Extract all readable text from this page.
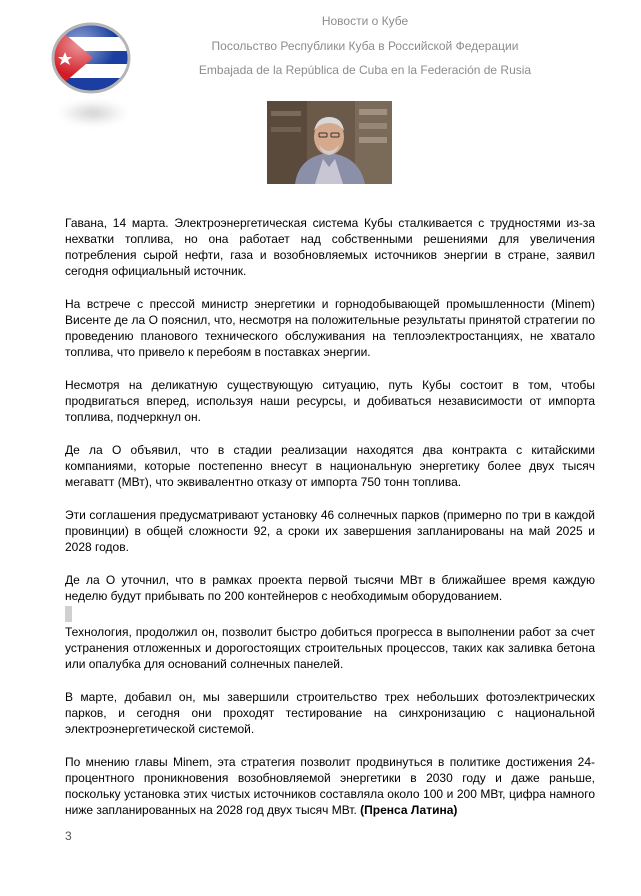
Новости о Кубе
Посольство Республики Куба в Российской Федерации
Embajada de la República de Cuba en la Federación de Rusia

Гавана, 14 марта. Электроэнергетическая система Кубы сталкивается с трудностями из-за нехватки топлива, но она работает над собственными решениями для увеличения потребления сырой нефти, газа и возобновляемых источников энергии в стране, заявил сегодня официальный источник.

На встрече с прессой министр энергетики и горнодобывающей промышленности (Minem) Висенте де ла О пояснил, что, несмотря на положительные результаты принятой стратегии по проведению планового технического обслуживания на теплоэлектростанциях, не хватало топлива, что привело к перебоям в поставках энергии.

Несмотря на деликатную существующую ситуацию, путь Кубы состоит в том, чтобы продвигаться вперед, используя наши ресурсы, и добиваться независимости от импорта топлива, подчеркнул он.

Де ла О объявил, что в стадии реализации находятся два контракта с китайскими компаниями, которые постепенно внесут в национальную энергетику более двух тысяч мегаватт (МВт), что эквивалентно отказу от импорта 750 тонн топлива.

Эти соглашения предусматривают установку 46 солнечных парков (примерно по три в каждой провинции) в общей сложности 92, а сроки их завершения запланированы на май 2025 и 2028 годов.

Де ла О уточнил, что в рамках проекта первой тысячи МВт в ближайшее время каждую неделю будут прибывать по 200 контейнеров с необходимым оборудованием.

Технология, продолжил он, позволит быстро добиться прогресса в выполнении работ за счет устранения отложенных и дорогостоящих строительных процессов, таких как заливка бетона или опалубка для оснований солнечных панелей.

В марте, добавил он, мы завершили строительство трех небольших фотоэлектрических парков, и сегодня они проходят тестирование на синхронизацию с национальной электроэнергетической системой.

По мнению главы Minem, эта стратегия позволит продвинуться в политике достижения 24-процентного проникновения возобновляемой энергетики в 2030 году и даже раньше, поскольку установка этих чистых источников составляла около 100 и 200 МВт, цифра намного ниже запланированных на 2028 год двух тысяч МВт. (Пренса Латина)

3
